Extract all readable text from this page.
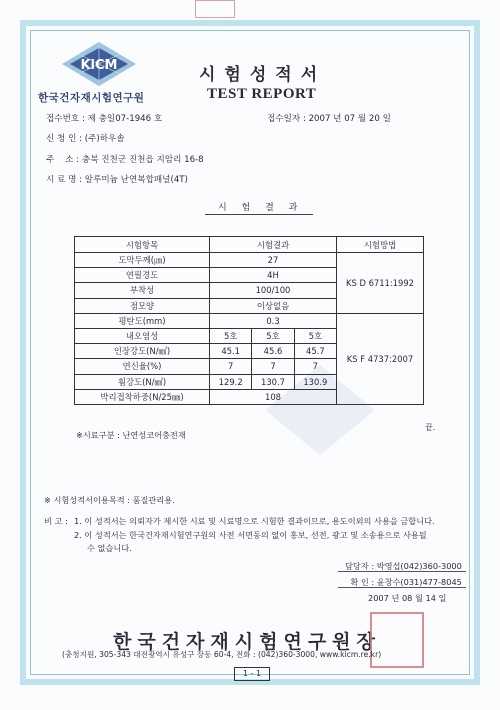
KiCM
한국건자재시험연구원
시험성적서
TEST REPORT
접수번호 : 제 충일07-1946 호	접수일자 : 2007 년 07 월 20 일
신 청 인 : (주)하우솔
주    소 : 충북 진천군 진천읍 지암리 16-8
시 료 명 : 알루미늄 난연복합패널(4T)
시 험 결 과
시험항목	시험결과			시험방법
도막두께(㎛)	27			KS D 6711:1992
연필경도	4H			
부착성	100/100			
점모양	이상없음			
평탄도(mm)	0.3			KS F 4737:2007
내오염성	5호	5호	5호	
인장강도(N/㎟)	45.1	45.6	45.7	
연신율(%)	7	7	7	
휨강도(N/㎟)	129.2	130.7	130.9	
박리접착하중(N/25㎜)	108			
끝.
※시료구분 : 난연성코어충전재
※ 시험성적서이용목적 : 품질관리용.
비 고 : 1. 이 성적서는 의뢰자가 제시한 시료 및 시료명으로 시험한 결과이므로, 용도이외의 사용을 금합니다.
2. 이 성적서는 한국건자재시험연구원의 사전 서면동의 없이 홍보, 선전, 광고 및 소송용으로 사용될
수 없습니다.
담당자 : 박영섭(042)360-3000
확 인 : 윤창수(031)477-8045
2007 년 08 월 14 일
한국건자재시험연구원장
(충청지원, 305-343 대전광역시 유성구 장동 60-4, 전화 : (042)360-3000, www.kicm.re.kr)
1 - 1
